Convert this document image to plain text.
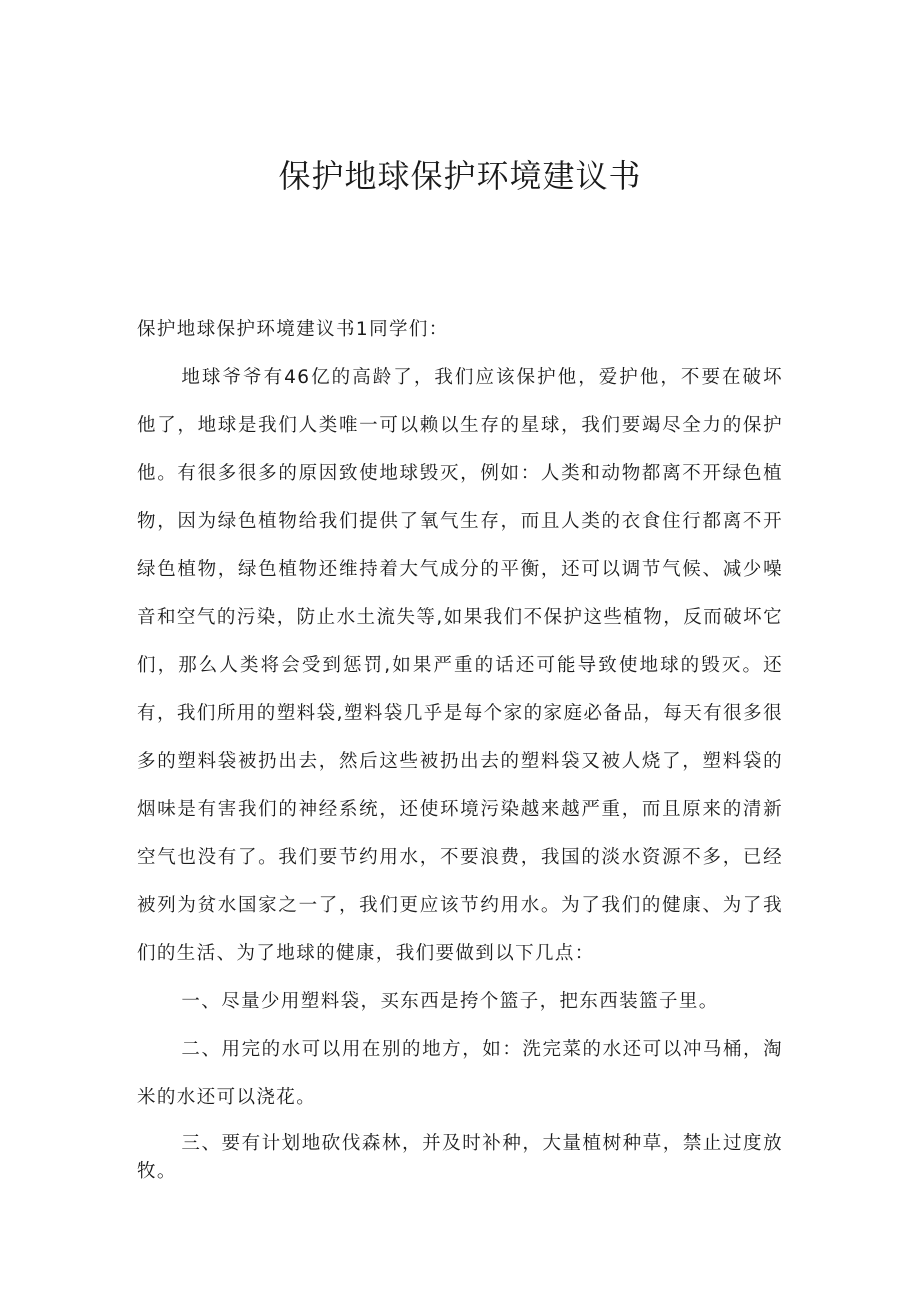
保护地球保护环境建议书

保护地球保护环境建议书1同学们：

地球爷爷有46亿的高龄了，我们应该保护他，爱护他，不要在破坏他了，地球是我们人类唯一可以赖以生存的星球，我们要竭尽全力的保护他。有很多很多的原因致使地球毁灭，例如：人类和动物都离不开绿色植物，因为绿色植物给我们提供了氧气生存，而且人类的衣食住行都离不开绿色植物，绿色植物还维持着大气成分的平衡，还可以调节气候、减少噪音和空气的污染，防止水土流失等,如果我们不保护这些植物，反而破坏它们，那么人类将会受到惩罚,如果严重的话还可能导致使地球的毁灭。还有，我们所用的塑料袋,塑料袋几乎是每个家的家庭必备品，每天有很多很多的塑料袋被扔出去，然后这些被扔出去的塑料袋又被人烧了，塑料袋的烟味是有害我们的神经系统，还使环境污染越来越严重，而且原来的清新空气也没有了。我们要节约用水，不要浪费，我国的淡水资源不多，已经被列为贫水国家之一了，我们更应该节约用水。为了我们的健康、为了我们的生活、为了地球的健康，我们要做到以下几点：

一、尽量少用塑料袋，买东西是挎个篮子，把东西装篮子里。

二、用完的水可以用在别的地方，如：洗完菜的水还可以冲马桶，淘米的水还可以浇花。

三、要有计划地砍伐森林，并及时补种，大量植树种草，禁止过度放牧。
